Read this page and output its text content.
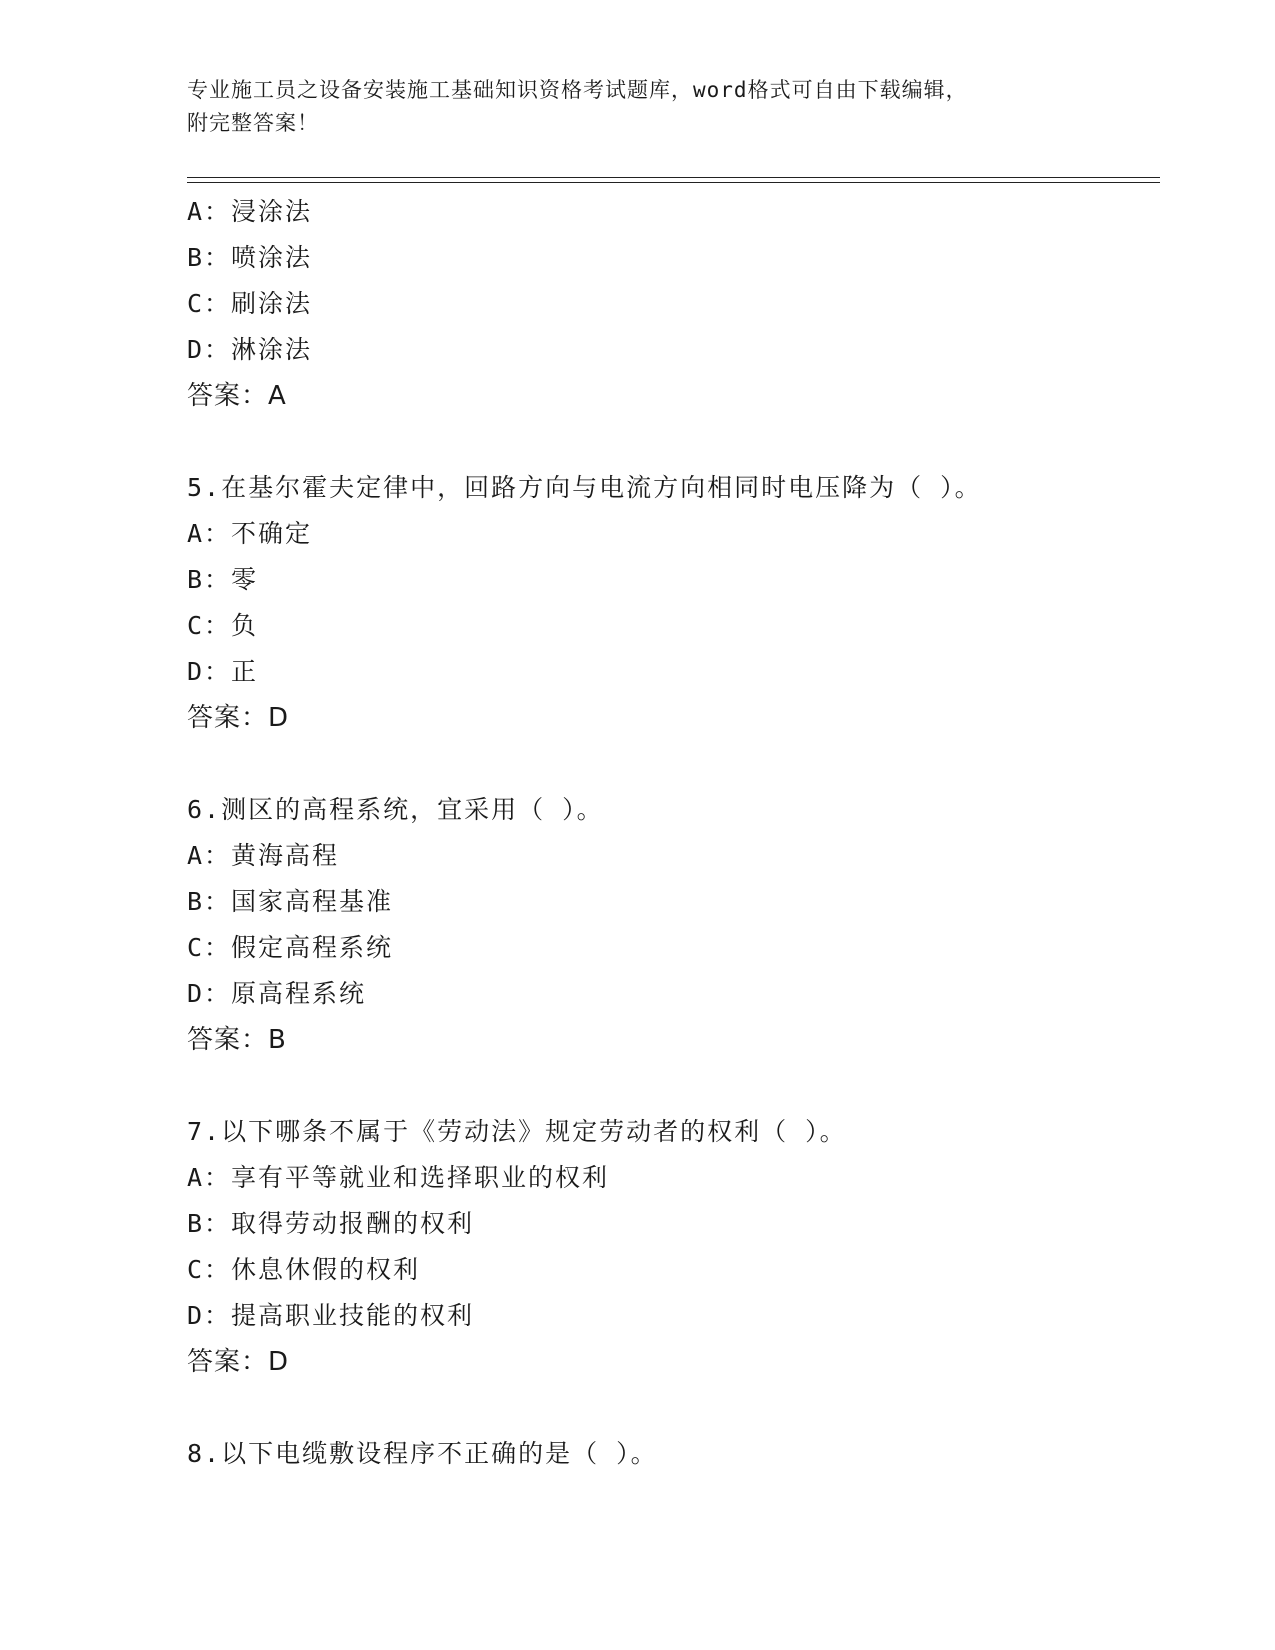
专业施工员之设备安装施工基础知识资格考试题库，word格式可自由下载编辑，
附完整答案！
A：浸涂法
B：喷涂法
C：刷涂法
D：淋涂法
答案：A
5.在基尔霍夫定律中，回路方向与电流方向相同时电压降为（ ）。
A：不确定
B：零
C：负
D：正
答案：D
6.测区的高程系统，宜采用（ ）。
A：黄海高程
B：国家高程基准
C：假定高程系统
D：原高程系统
答案：B
7.以下哪条不属于《劳动法》规定劳动者的权利（ ）。
A：享有平等就业和选择职业的权利
B：取得劳动报酬的权利
C：休息休假的权利
D：提高职业技能的权利
答案：D
8.以下电缆敷设程序不正确的是（ ）。
